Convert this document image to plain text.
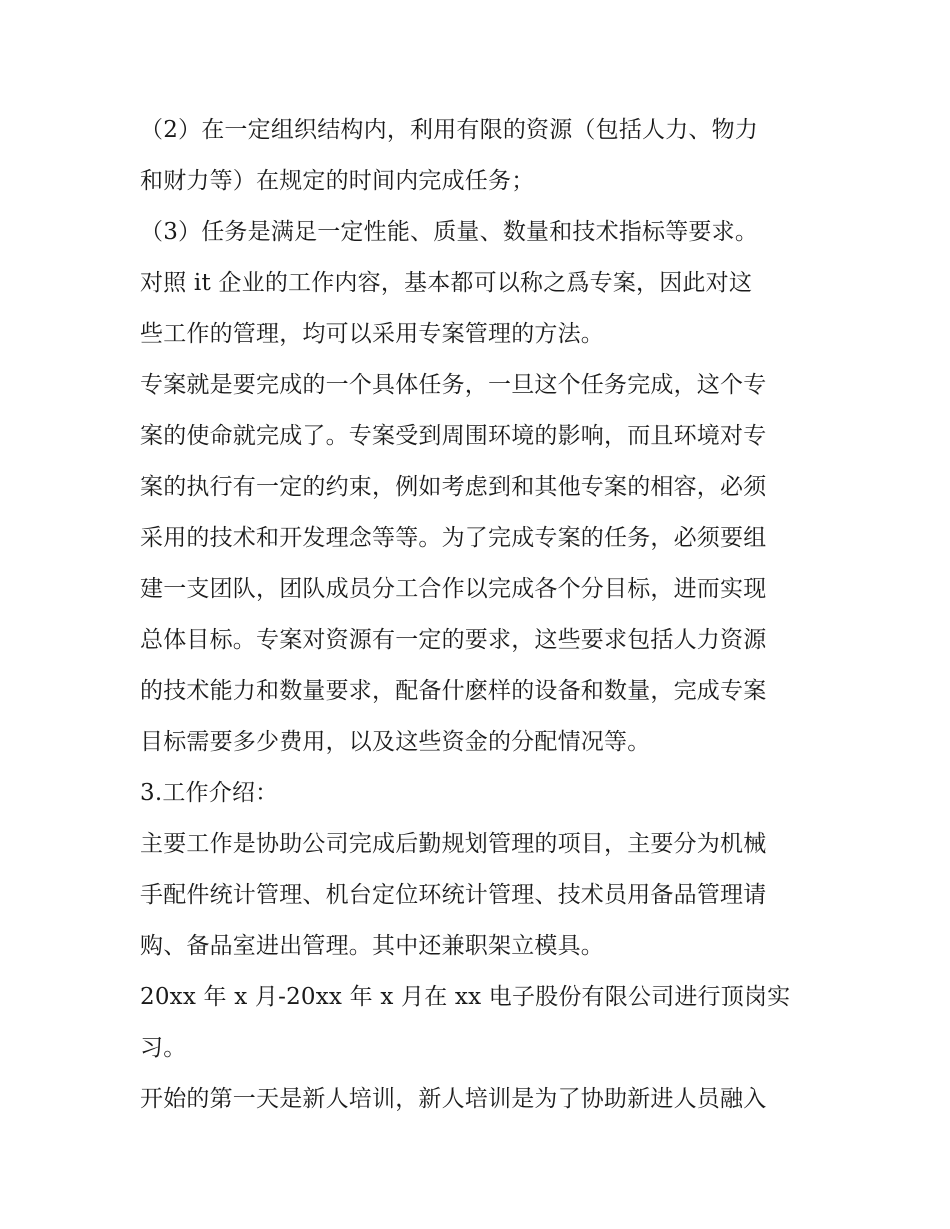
（2）在一定组织结构内，利用有限的资源（包括人力、物力
和财力等）在规定的时间内完成任务；
（3）任务是满足一定性能、质量、数量和技术指标等要求。
对照 it 企业的工作内容，基本都可以称之爲专案，因此对这
些工作的管理，均可以采用专案管理的方法。
专案就是要完成的一个具体任务，一旦这个任务完成，这个专
案的使命就完成了。专案受到周围环境的影响，而且环境对专
案的执行有一定的约束，例如考虑到和其他专案的相容，必须
采用的技术和开发理念等等。为了完成专案的任务，必须要组
建一支团队，团队成员分工合作以完成各个分目标，进而实现
总体目标。专案对资源有一定的要求，这些要求包括人力资源
的技术能力和数量要求，配备什麽样的设备和数量，完成专案
目标需要多少费用，以及这些资金的分配情况等。
3.工作介绍：
主要工作是协助公司完成后勤规划管理的项目，主要分为机械
手配件统计管理、机台定位环统计管理、技术员用备品管理请
购、备品室进出管理。其中还兼职架立模具。
20xx 年 x 月-20xx 年 x 月在 xx 电子股份有限公司进行顶岗实
习。
开始的第一天是新人培训，新人培训是为了协助新进人员融入
